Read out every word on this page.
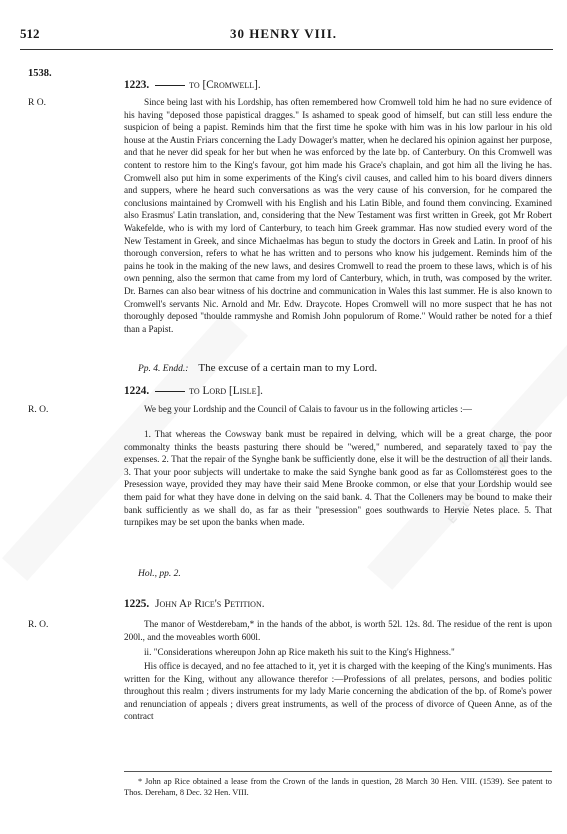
ENLINE ONLINE
512	30 HENRY VIII.
1538.
1223.	to [Cromwell].
R O.	Since being last with his Lordship, has often remembered how Cromwell told him he had no sure evidence of his having "deposed those papistical dragges." Is ashamed to speak good of himself, but can still less endure the suspicion of being a papist. Reminds him that the first time he spoke with him was in his low parlour in his old house at the Austin Friars concerning the Lady Dowager's matter, when he declared his opinion against her purpose, and that he never did speak for her but when he was enforced by the late bp. of Canterbury. On this Cromwell was content to restore him to the King's favour, got him made his Grace's chaplain, and got him all the living he has. Cromwell also put him in some experiments of the King's civil causes, and called him to his board divers dinners and suppers, where he heard such conversations as was the very cause of his conversion, for he compared the conclusions maintained by Cromwell with his English and his Latin Bible, and found them convincing. Examined also Erasmus' Latin translation, and, considering that the New Testament was first written in Greek, got Mr Robert Wakefelde, who is with my lord of Canterbury, to teach him Greek grammar. Has now studied every word of the New Testament in Greek, and since Michaelmas has begun to study the doctors in Greek and Latin. In proof of his thorough conversion, refers to what he has written and to persons who know his judgement. Reminds him of the pains he took in the making of the new laws, and desires Cromwell to read the proem to these laws, which is of his own penning, also the sermon that came from my lord of Canterbury, which, in truth, was composed by the writer. Dr. Barnes can also bear witness of his doctrine and communication in Wales this last summer. He is also known to Cromwell's servants Nic. Arnold and Mr. Edw. Draycote. Hopes Cromwell will no more suspect that he has not thoroughly deposed "thoulde rammyshe and Romish John populorum of Rome." Would rather be noted for a thief than a Papist.
Pp. 4. Endd.: The excuse of a certain man to my Lord.
1224.	to Lord [Lisle].
R. O.	We beg your Lordship and the Council of Calais to favour us in the following articles :—
1. That whereas the Cowsway bank must be repaired in delving, which will be a great charge, the poor commonalty thinks the beasts pasturing there should be "wered," numbered, and separately taxed to pay the expenses. 2. That the repair of the Synghe bank be sufficiently done, else it will be the destruction of all their lands. 3. That your poor subjects will undertake to make the said Synghe bank good as far as Collomsterest goes to the Presession waye, provided they may have their said Mene Brooke common, or else that your Lordship would see them paid for what they have done in delving on the said bank. 4. That the Colleners may be bound to make their bank sufficiently as we shall do, as far as their "presession" goes southwards to Hervie Netes place. 5. That turnpikes may be set upon the banks when made.
Hol., pp. 2.
1225. John Ap Rice's Petition.
R. O.	The manor of Westderebam,* in the hands of the abbot, is worth 52l. 12s. 8d. The residue of the rent is upon 200l., and the moveables worth 600l.
ii. "Considerations whereupon John ap Rice maketh his suit to the King's Highness."
His office is decayed, and no fee attached to it, yet it is charged with the keeping of the King's muniments. Has written for the King, without any allowance therefor :—Professions of all prelates, persons, and bodies politic throughout this realm ; divers instruments for my lady Marie concerning the abdication of the bp. of Rome's power and renunciation of appeals ; divers great instruments, as well of the process of divorce of Queen Anne, as of the contract
* John ap Rice obtained a lease from the Crown of the lands in question, 28 March 30 Hen. VIII. (1539). See patent to Thos. Dereham, 8 Dec. 32 Hen. VIII.
